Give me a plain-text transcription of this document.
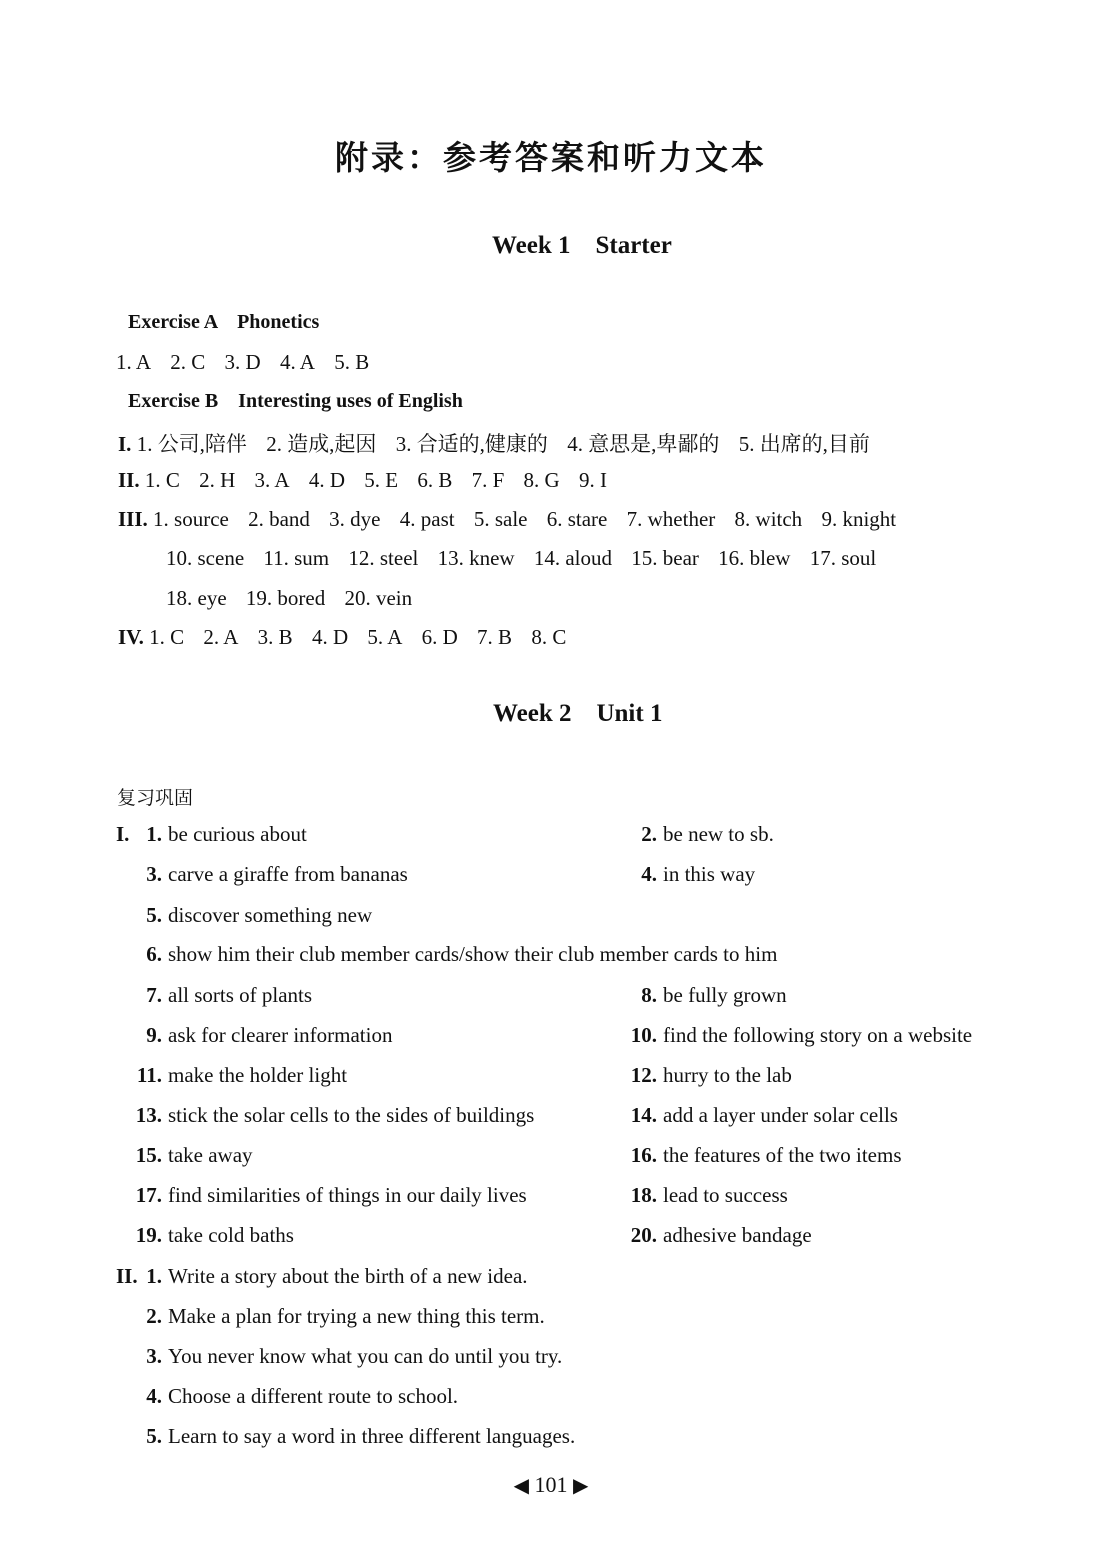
附录：参考答案和听力文本
Week 1    Starter
Exercise A    Phonetics
1. A 2. C 3. D 4. A 5. B
Exercise B    Interesting uses of English
I. 1. 公司,陪伴 2. 造成,起因 3. 合适的,健康的 4. 意思是,卑鄙的 5. 出席的,目前
II. 1. C 2. H 3. A 4. D 5. E 6. B 7. F 8. G 9. I
III. 1. source 2. band 3. dye 4. past 5. sale 6. stare 7. whether 8. witch 9. knight
10. scene 11. sum 12. steel 13. knew 14. aloud 15. bear 16. blew 17. soul
18. eye 19. bored 20. vein
IV. 1. C 2. A 3. B 4. D 5. A 6. D 7. B 8. C
Week 2    Unit 1
复习巩固
I. 1. be curious about	2. be new to sb.
3. carve a giraffe from bananas	4. in this way
5. discover something new
6. show him their club member cards/show their club member cards to him
7. all sorts of plants	8. be fully grown
9. ask for clearer information	10. find the following story on a website
11. make the holder light	12. hurry to the lab
13. stick the solar cells to the sides of buildings	14. add a layer under solar cells
15. take away	16. the features of the two items
17. find similarities of things in our daily lives	18. lead to success
19. take cold baths	20. adhesive bandage
II. 1. Write a story about the birth of a new idea.
2. Make a plan for trying a new thing this term.
3. You never know what you can do until you try.
4. Choose a different route to school.
5. Learn to say a word in three different languages.
◀ 101 ▶
